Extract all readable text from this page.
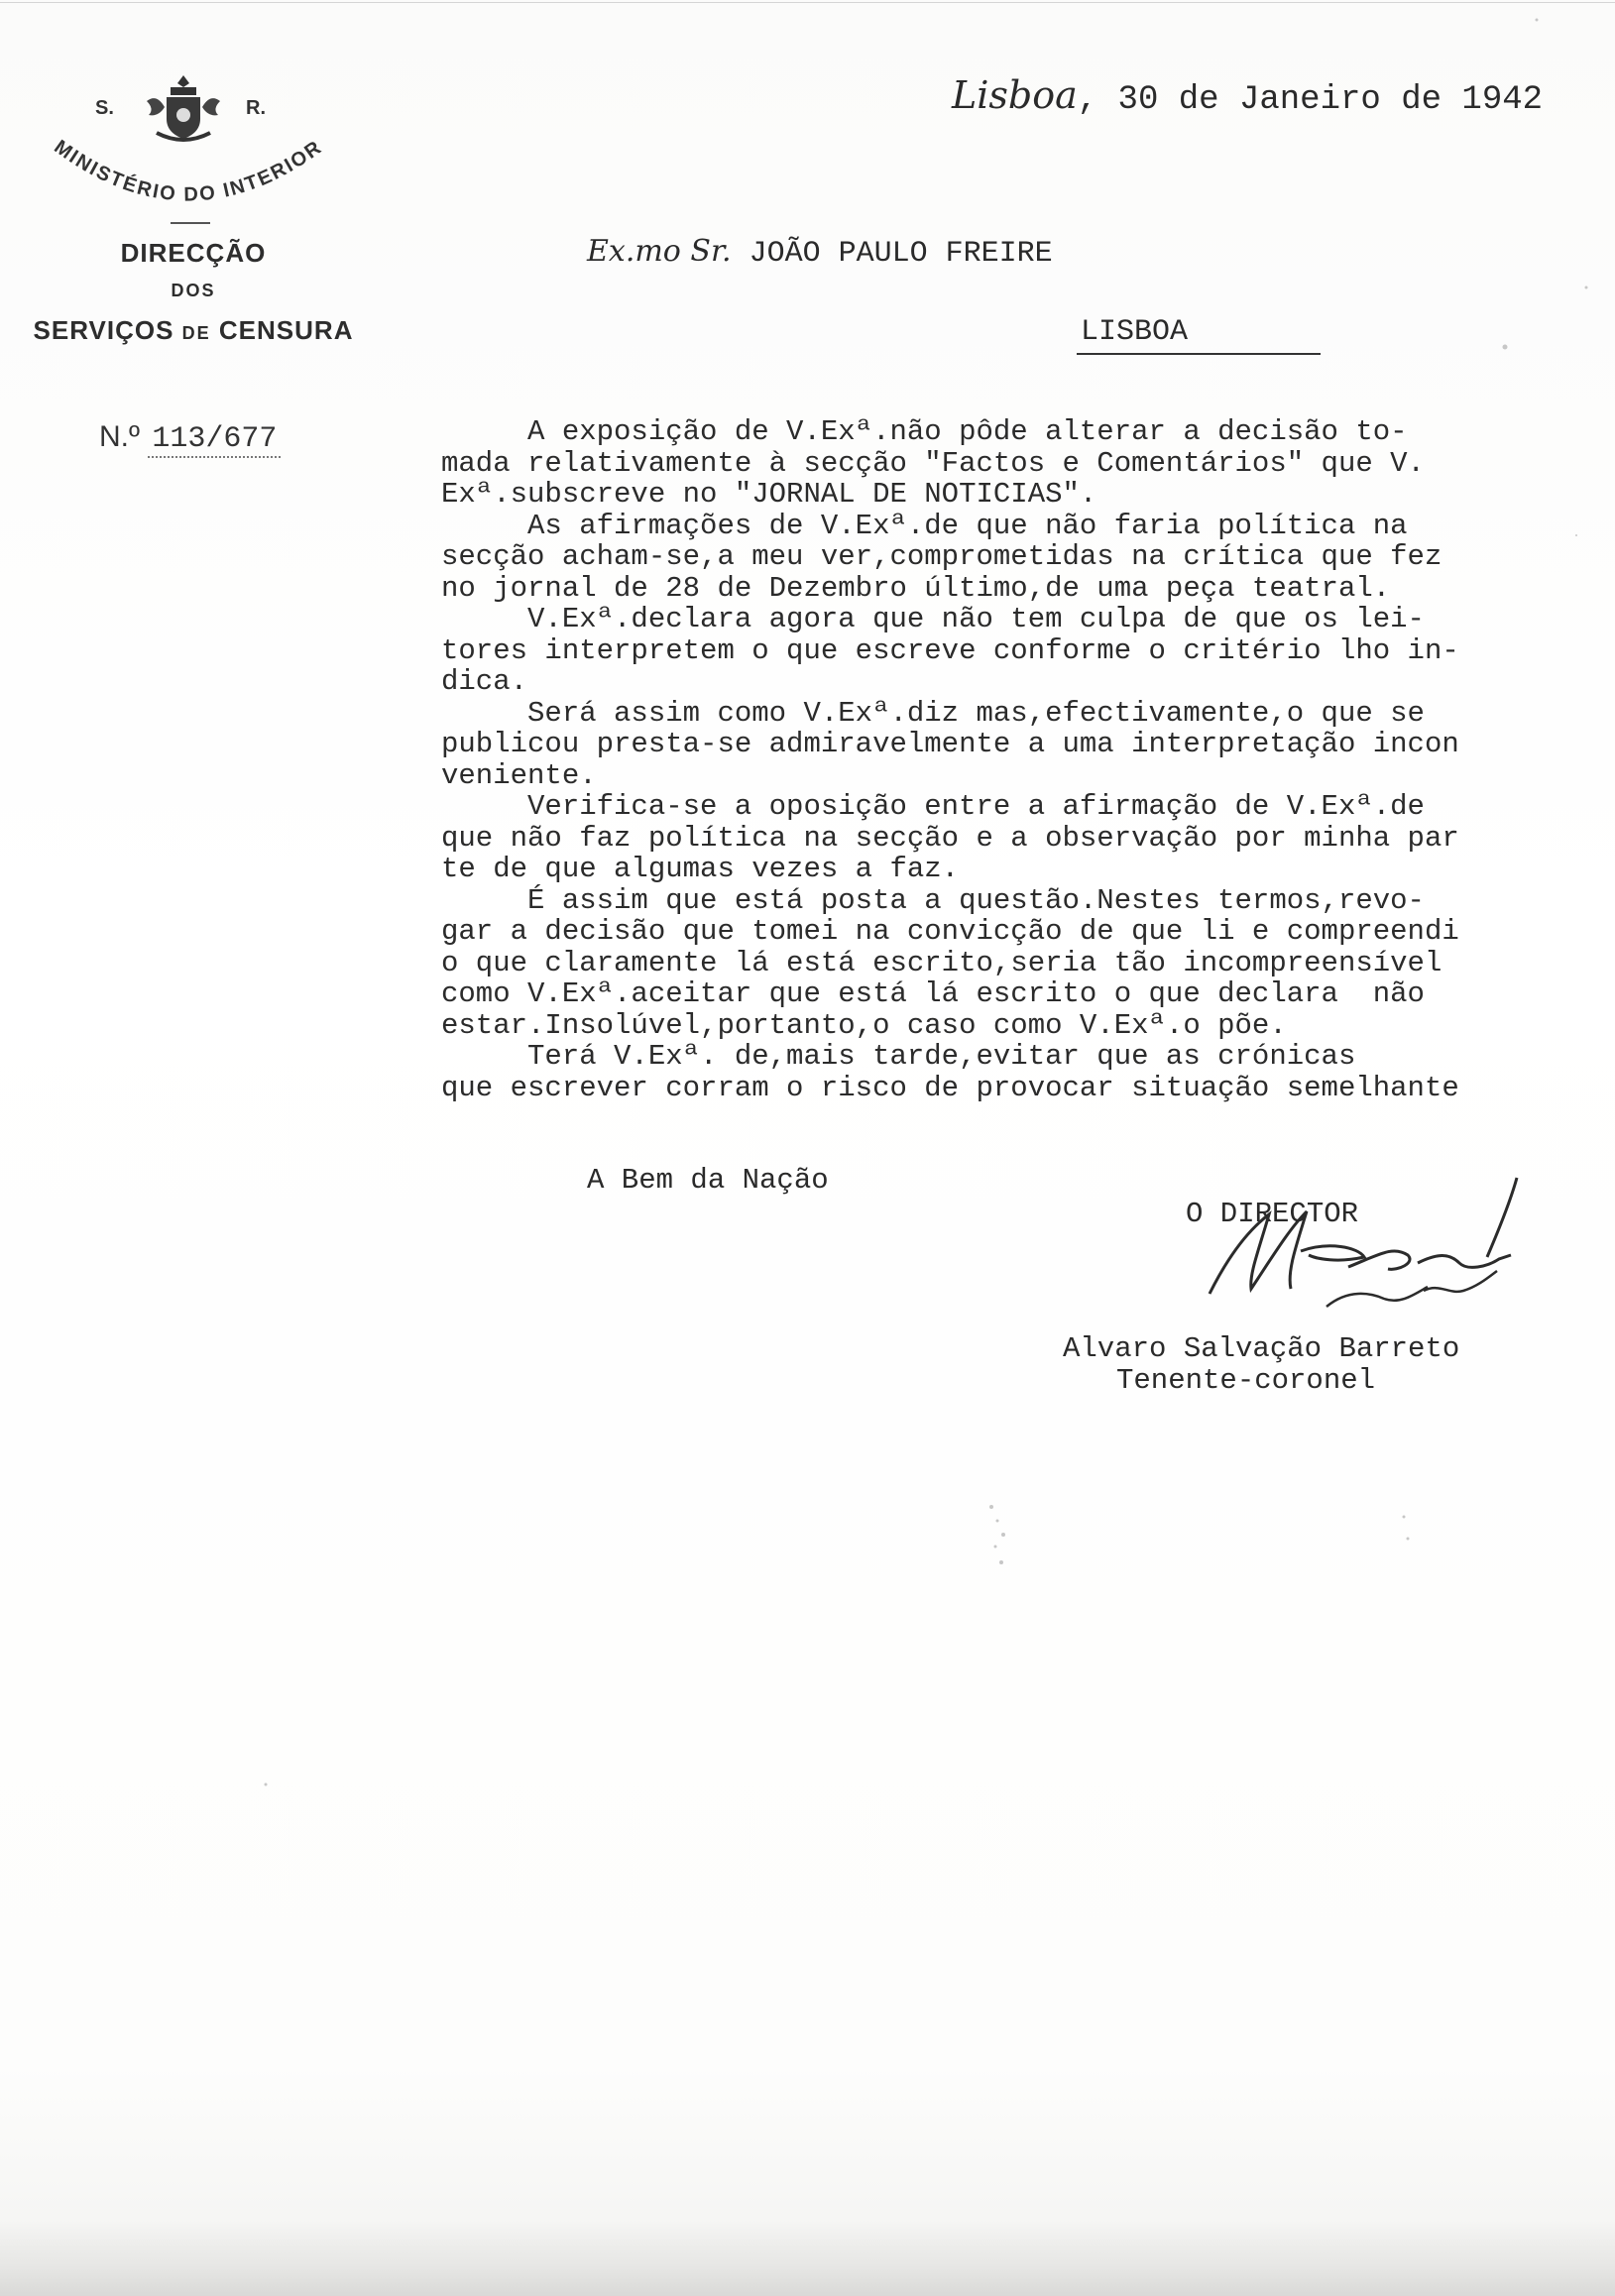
S.	R.
MINISTÉRIO DO INTERIOR
DIRECÇÃO
DOS
SERVIÇOS DE CENSURA
N.º 113/677
Lisboa, 30 de Janeiro de 1942
Ex.mo Sr. JOÃO PAULO FREIRE
LISBOA
A exposição de V.Exª.não pôde alterar a decisão to-
mada relativamente à secção "Factos e Comentários" que V.
Exª.subscreve no "JORNAL DE NOTICIAS".
As afirmações de V.Exª.de que não faria política na
secção acham-se,a meu ver,comprometidas na crítica que fez
no jornal de 28 de Dezembro último,de uma peça teatral.
V.Exª.declara agora que não tem culpa de que os lei-
tores interpretem o que escreve conforme o critério lho in-
dica.
Será assim como V.Exª.diz mas,efectivamente,o que se
publicou presta-se admiravelmente a uma interpretação incon
veniente.
Verifica-se a oposição entre a afirmação de V.Exª.de
que não faz política na secção e a observação por minha par
te de que algumas vezes a faz.
É assim que está posta a questão.Nestes termos,revo-
gar a decisão que tomei na convicção de que li e compreendi
o que claramente lá está escrito,seria tão incompreensível
como V.Exª.aceitar que está lá escrito o que declara  não
estar.Insolúvel,portanto,o caso como V.Exª.o põe.
Terá V.Exª. de,mais tarde,evitar que as crónicas
que escrever corram o risco de provocar situação semelhante
A Bem da Nação
O DIRECTOR
Alvaro Salvação Barreto
Tenente-coronel
